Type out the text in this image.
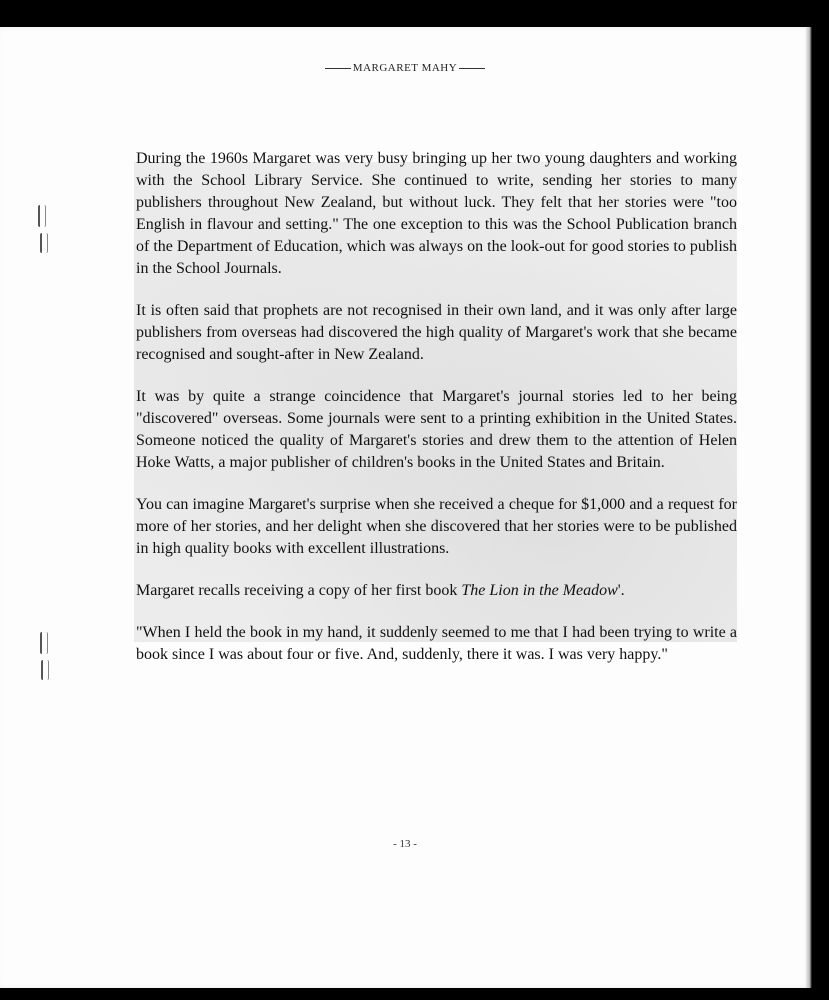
MARGARET MAHY

During the 1960s Margaret was very busy bringing up her two young daughters and working with the School Library Service. She continued to write, sending her stories to many publishers throughout New Zealand, but without luck. They felt that her stories were "too English in flavour and setting." The one exception to this was the School Publication branch of the Department of Education, which was always on the look-out for good stories to publish in the School Journals.

It is often said that prophets are not recognised in their own land, and it was only after large publishers from overseas had discovered the high quality of Margaret's work that she became recognised and sought-after in New Zealand.

It was by quite a strange coincidence that Margaret's journal stories led to her being "discovered" overseas. Some journals were sent to a printing exhibition in the United States. Someone noticed the quality of Margaret's stories and drew them to the attention of Helen Hoke Watts, a major publisher of children's books in the United States and Britain.

You can imagine Margaret's surprise when she received a cheque for $1,000 and a request for more of her stories, and her delight when she discovered that her stories were to be published in high quality books with excellent illustrations.

Margaret recalls receiving a copy of her first book The Lion in the Meadow'.

"When I held the book in my hand, it suddenly seemed to me that I had been trying to write a book since I was about four or five. And, suddenly, there it was. I was very happy."

- 13 -
